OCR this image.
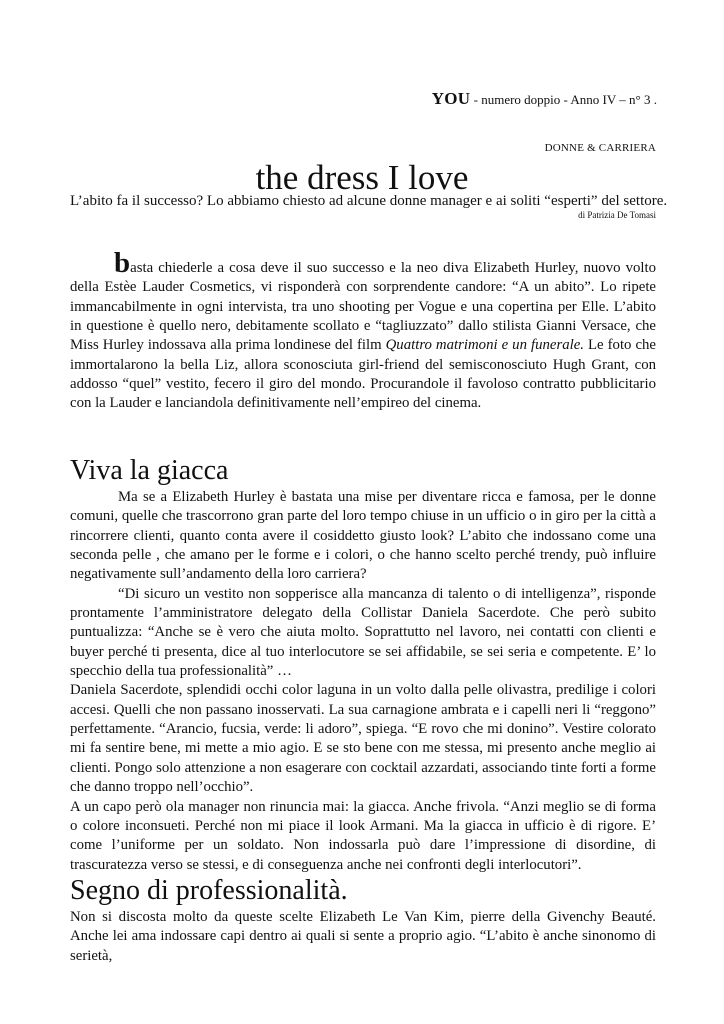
YOU - numero doppio - Anno IV – n° 3 .
DONNE & CARRIERA
the dress I love
L’abito fa il successo? Lo abbiamo chiesto ad alcune donne manager e ai soliti “esperti” del settore.
di Patrizia De Tomasi

basta chiederle a cosa deve il suo successo e la neo diva Elizabeth Hurley, nuovo volto della Estèe Lauder Cosmetics, vi risponderà con sorprendente candore: “A un abito”. Lo ripete immancabilmente in ogni intervista, tra uno shooting per Vogue e una copertina per Elle. L’abito in questione è quello nero, debitamente scollato e “tagliuzzato” dallo stilista Gianni Versace, che Miss Hurley indossava alla prima londinese del film Quattro matrimoni e un funerale. Le foto che immortalarono la bella Liz, allora sconosciuta girl-friend del semisconosciuto Hugh Grant, con addosso “quel” vestito, fecero il giro del mondo. Procurandole il favoloso contratto pubblicitario con la Lauder e lanciandola definitivamente nell’empireo del cinema.

Viva la giacca

Ma se a Elizabeth Hurley è bastata una mise per diventare ricca e famosa, per le donne comuni, quelle che trascorrono gran parte del loro tempo chiuse in un ufficio o in giro per la città a rincorrere clienti, quanto conta avere il cosiddetto giusto look? L’abito che indossano come una seconda pelle , che amano per le forme e i colori, o che hanno scelto perché trendy, può influire negativamente sull’andamento della loro carriera?

“Di sicuro un vestito non sopperisce alla mancanza di talento o di intelligenza”, risponde prontamente l’amministratore delegato della Collistar Daniela Sacerdote. Che però subito puntualizza: “Anche se è vero che aiuta molto. Soprattutto nel lavoro, nei contatti con clienti e buyer perché ti presenta, dice al tuo interlocutore se sei affidabile, se sei seria e competente. E’ lo specchio della tua professionalità” …

Daniela Sacerdote, splendidi occhi color laguna in un volto dalla pelle olivastra, predilige i colori accesi. Quelli che non passano inosservati. La sua carnagione ambrata e i capelli neri li “reggono” perfettamente. “Arancio, fucsia, verde: li adoro”, spiega. “E rovo che mi donino”. Vestire colorato mi fa sentire bene, mi mette a mio agio. E se sto bene con me stessa, mi presento anche meglio ai clienti. Pongo solo attenzione a non esagerare con cocktail azzardati, associando tinte forti a forme che danno troppo nell’occhio”.

A un capo però ola manager non rinuncia mai: la giacca. Anche frivola. “Anzi meglio se di forma o colore inconsueti. Perché non mi piace il look Armani. Ma la giacca in ufficio è di rigore. E’ come l’uniforme per un soldato. Non indossarla può dare l’impressione di disordine, di trascuratezza verso se stessi, e di conseguenza anche nei confronti degli interlocutori”.

Segno di professionalità.

Non si discosta molto da queste scelte Elizabeth Le Van Kim, pierre della Givenchy Beauté. Anche lei ama indossare capi dentro ai quali si sente a proprio agio. “L’abito è anche sinonomo di serietà,
